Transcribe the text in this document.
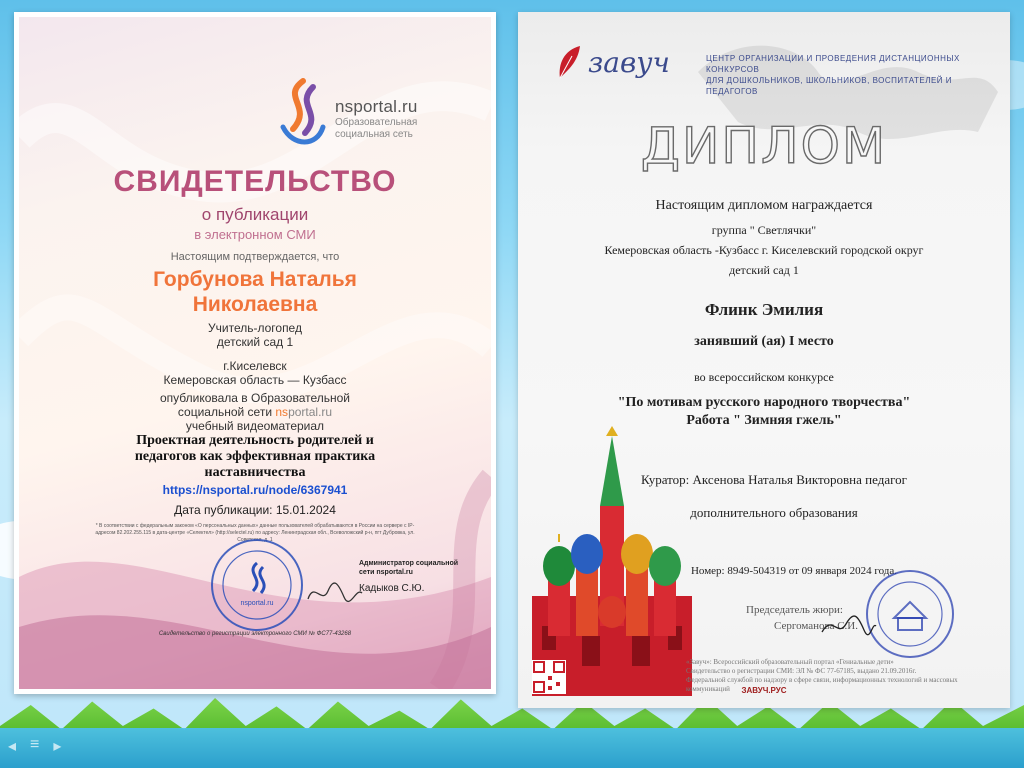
◂ ≡ ▸
nsportal.ru
Образовательная
социальная сеть
СВИДЕТЕЛЬСТВО
о публикации
в электронном СМИ
Настоящим подтверждается, что
Горбунова Наталья
Николаевна
Учитель-логопед
детский сад 1
г.Киселевск
Кемеровская область — Кузбасс
опубликовала в Образовательной
социальной сети nsportal.ru
учебный видеоматериал
Проектная деятельность родителей и
педагогов как эффективная практика
наставничества
https://nsportal.ru/node/6367941
Дата публикации: 15.01.2024
* В соответствии с федеральным законом «О персональных данных» данные пользователей обрабатываются в России на сервере с IP-адресом 82.202.255.115 в дата-центре «Селектел» (http://selectel.ru) по адресу: Ленинградская обл., Всеволожский р-н, пгт Дубровка, ул. Советская, д. 1
nsportal.ru
Администратор социальной
сети nsportal.ru
Кадыков С.Ю.
Свидетельство о регистрации электронного СМИ № ФС77-43268
завуч	ЦЕНТР ОРГАНИЗАЦИИ И ПРОВЕДЕНИЯ ДИСТАНЦИОННЫХ КОНКУРСОВ
ДЛЯ ДОШКОЛЬНИКОВ, ШКОЛЬНИКОВ, ВОСПИТАТЕЛЕЙ И ПЕДАГОГОВ
ДИПЛОМ
Настоящим дипломом награждается
группа " Светлячки"
Кемеровская область -Кузбасс г. Киселевский городской округ
детский сад 1
Флинк Эмилия
занявший (ая) I место
во всероссийском конкурсе
"По мотивам русского народного творчества"
Работа " Зимняя гжель"
Куратор: Аксенова Наталья Викторовна педагог
дополнительного образования
Номер: 8949-504319 от 09 января 2024 года.
Председатель жюри:
Сергоманова С.И.
«Завуч»: Всероссийский образовательный портал «Гениальные дети»
Свидетельство о регистрации СМИ: ЭЛ № ФС 77-67185, выдано 21.09.2016г.
Федеральной службой по надзору в сфере связи, информационных технологий и массовых коммуникаций	ЗАВУЧ.РУС
